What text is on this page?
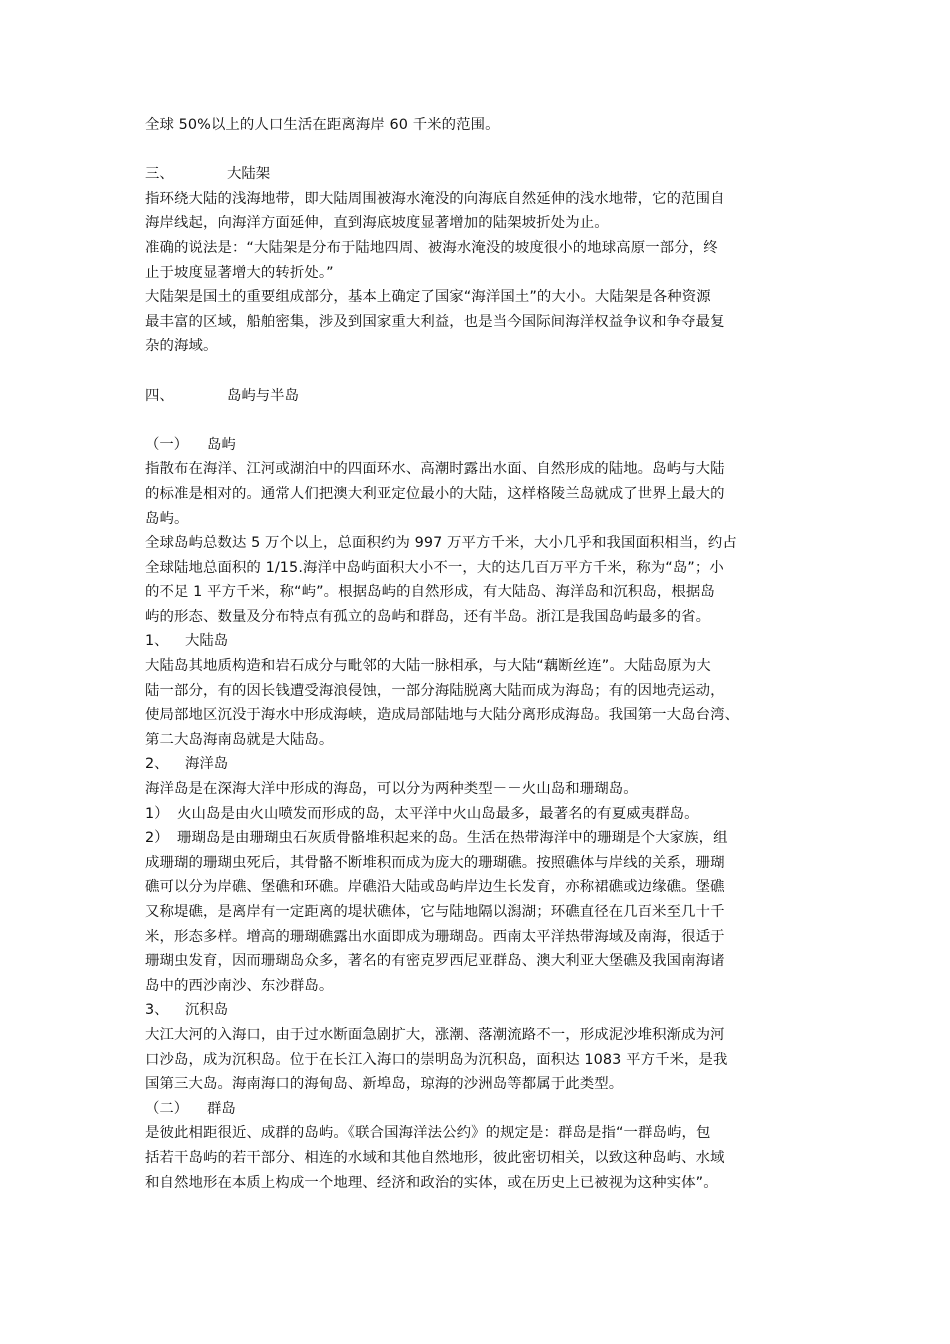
全球 50%以上的人口生活在距离海岸 60 千米的范围。

三、	大陆架

指环绕大陆的浅海地带，即大陆周围被海水淹没的向海底自然延伸的浅水地带，它的范围自

海岸线起，向海洋方面延伸，直到海底坡度显著增加的陆架坡折处为止。

准确的说法是：“大陆架是分布于陆地四周、被海水淹没的坡度很小的地球高原一部分，终

止于坡度显著增大的转折处。”

大陆架是国土的重要组成部分，基本上确定了国家“海洋国土”的大小。大陆架是各种资源

最丰富的区域，船舶密集，涉及到国家重大利益，也是当今国际间海洋权益争议和争夺最复

杂的海域。

四、	岛屿与半岛
（一）	岛屿

指散布在海洋、江河或湖泊中的四面环水、高潮时露出水面、自然形成的陆地。岛屿与大陆

的标准是相对的。通常人们把澳大利亚定位最小的大陆，这样格陵兰岛就成了世界上最大的

岛屿。

全球岛屿总数达 5 万个以上，总面积约为 997 万平方千米，大小几乎和我国面积相当，约占

全球陆地总面积的 1/15.海洋中岛屿面积大小不一，大的达几百万平方千米，称为“岛”；小

的不足 1 平方千米，称“屿”。根据岛屿的自然形成，有大陆岛、海洋岛和沉积岛，根据岛

屿的形态、数量及分布特点有孤立的岛屿和群岛，还有半岛。浙江是我国岛屿最多的省。

1、	大陆岛

大陆岛其地质构造和岩石成分与毗邻的大陆一脉相承，与大陆“藕断丝连”。大陆岛原为大

陆一部分，有的因长钱遭受海浪侵蚀，一部分海陆脱离大陆而成为海岛；有的因地壳运动，

使局部地区沉没于海水中形成海峡，造成局部陆地与大陆分离形成海岛。我国第一大岛台湾、

第二大岛海南岛就是大陆岛。

2、	海洋岛

海洋岛是在深海大洋中形成的海岛，可以分为两种类型－－火山岛和珊瑚岛。

1） 火山岛是由火山喷发而形成的岛，太平洋中火山岛最多，最著名的有夏威夷群岛。

2） 珊瑚岛是由珊瑚虫石灰质骨骼堆积起来的岛。生活在热带海洋中的珊瑚是个大家族，组

成珊瑚的珊瑚虫死后，其骨骼不断堆积而成为庞大的珊瑚礁。按照礁体与岸线的关系，珊瑚

礁可以分为岸礁、堡礁和环礁。岸礁沿大陆或岛屿岸边生长发育，亦称裙礁或边缘礁。堡礁

又称堤礁，是离岸有一定距离的堤状礁体，它与陆地隔以潟湖；环礁直径在几百米至几十千

米，形态多样。增高的珊瑚礁露出水面即成为珊瑚岛。西南太平洋热带海域及南海，很适于

珊瑚虫发育，因而珊瑚岛众多，著名的有密克罗西尼亚群岛、澳大利亚大堡礁及我国南海诸

岛中的西沙南沙、东沙群岛。

3、	沉积岛

大江大河的入海口，由于过水断面急剧扩大，涨潮、落潮流路不一，形成泥沙堆积渐成为河

口沙岛，成为沉积岛。位于在长江入海口的崇明岛为沉积岛，面积达 1083 平方千米，是我

国第三大岛。海南海口的海甸岛、新埠岛，琼海的沙洲岛等都属于此类型。

（二）	群岛

是彼此相距很近、成群的岛屿。《联合国海洋法公约》的规定是：群岛是指“一群岛屿，包

括若干岛屿的若干部分、相连的水域和其他自然地形，彼此密切相关，以致这种岛屿、水域

和自然地形在本质上构成一个地理、经济和政治的实体，或在历史上已被视为这种实体”。
